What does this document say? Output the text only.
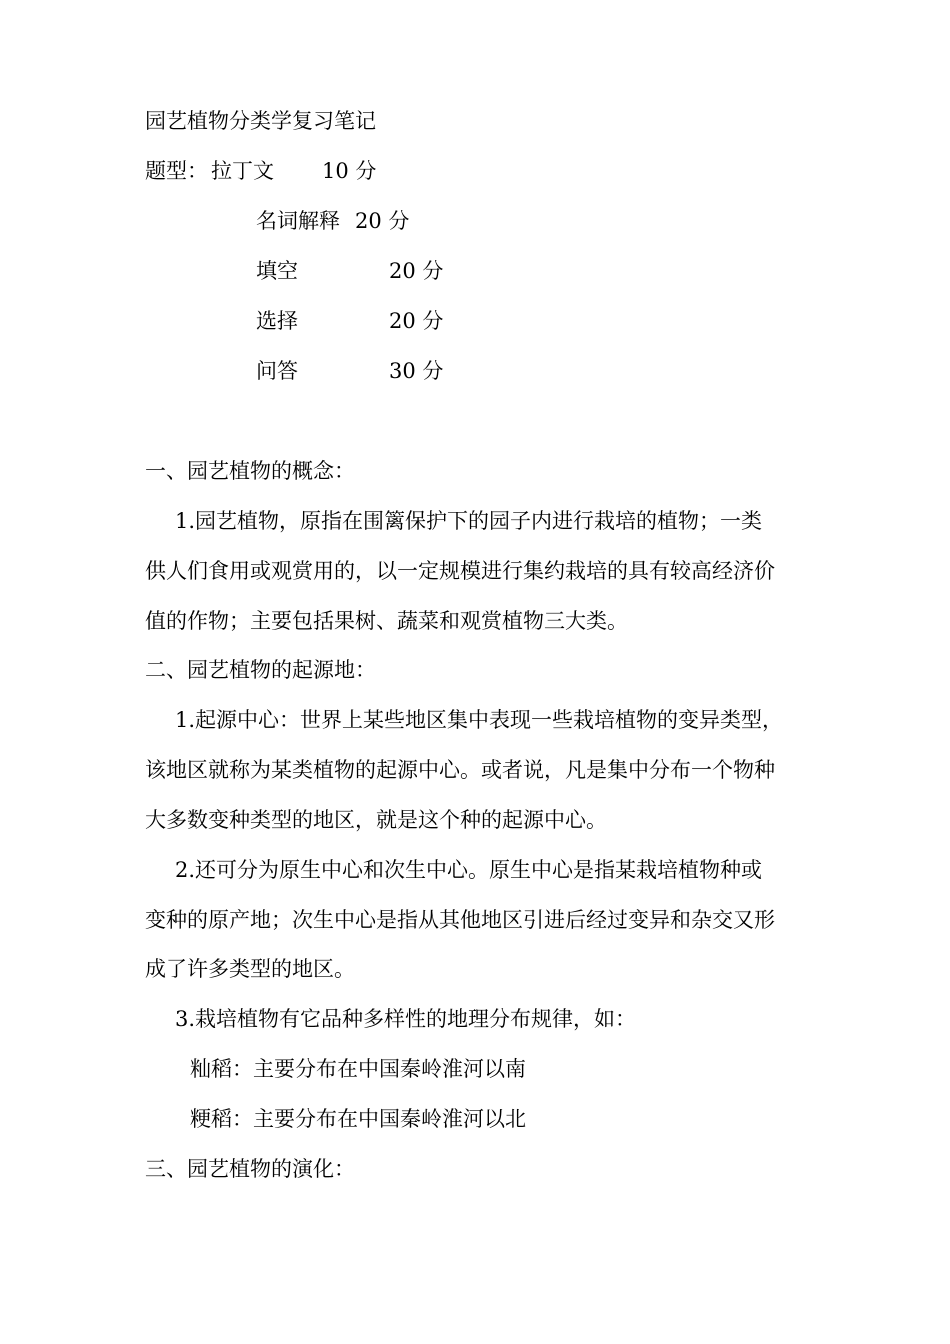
园艺植物分类学复习笔记
题型： 拉丁文 10 分
名词解释 20 分
填空	20 分
选择	20 分
问答	30 分
一、园艺植物的概念：
1.园艺植物，原指在围篱保护下的园子内进行栽培的植物；一类
供人们食用或观赏用的，以一定规模进行集约栽培的具有较高经济价
值的作物；主要包括果树、蔬菜和观赏植物三大类。
二、园艺植物的起源地：
1.起源中心：世界上某些地区集中表现一些栽培植物的变异类型，
该地区就称为某类植物的起源中心。或者说，凡是集中分布一个物种
大多数变种类型的地区，就是这个种的起源中心。
2.还可分为原生中心和次生中心。原生中心是指某栽培植物种或
变种的原产地；次生中心是指从其他地区引进后经过变异和杂交又形
成了许多类型的地区。
3.栽培植物有它品种多样性的地理分布规律，如：
籼稻：主要分布在中国秦岭淮河以南
粳稻：主要分布在中国秦岭淮河以北
三、园艺植物的演化：
